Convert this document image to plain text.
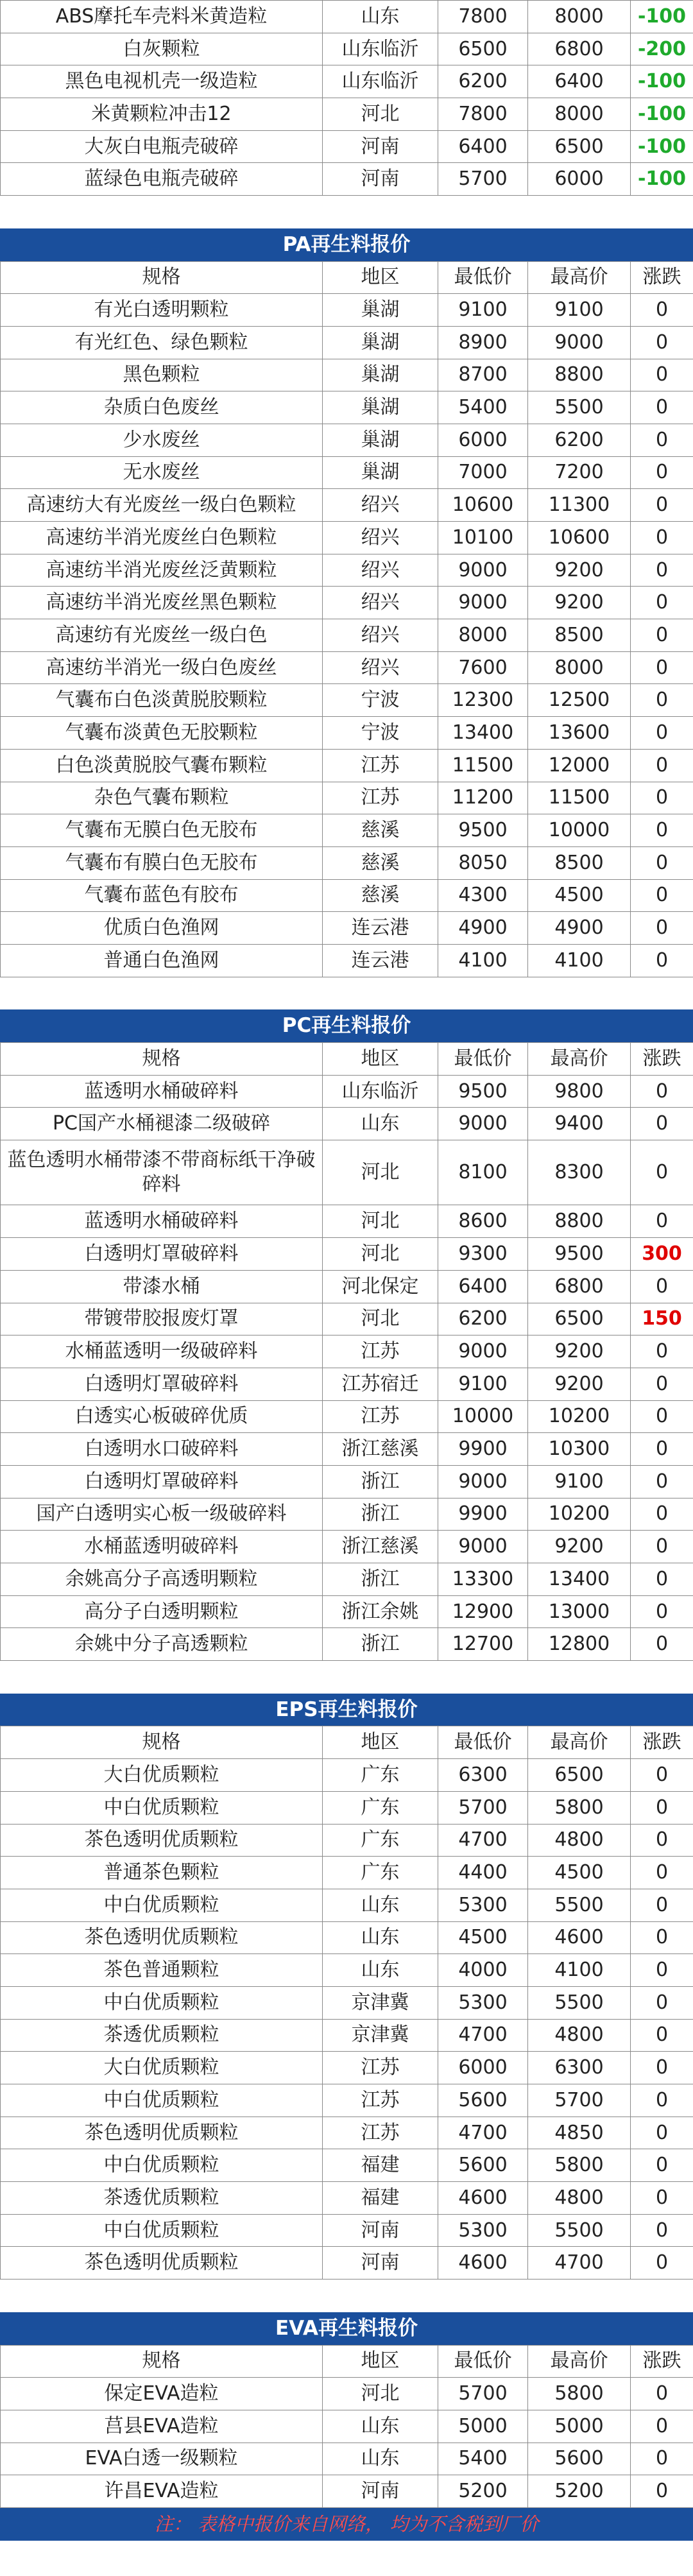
ABS摩托车壳料米黄造粒	山东	7800	8000	-100
白灰颗粒	山东临沂	6500	6800	-200
黑色电视机壳一级造粒	山东临沂	6200	6400	-100
米黄颗粒冲击12	河北	7800	8000	-100
大灰白电瓶壳破碎	河南	6400	6500	-100
蓝绿色电瓶壳破碎	河南	5700	6000	-100
PA再生料报价
规格	地区	最低价	最高价	涨跌
有光白透明颗粒	巢湖	9100	9100	0
有光红色、绿色颗粒	巢湖	8900	9000	0
黑色颗粒	巢湖	8700	8800	0
杂质白色废丝	巢湖	5400	5500	0
少水废丝	巢湖	6000	6200	0
无水废丝	巢湖	7000	7200	0
高速纺大有光废丝一级白色颗粒	绍兴	10600	11300	0
高速纺半消光废丝白色颗粒	绍兴	10100	10600	0
高速纺半消光废丝泛黄颗粒	绍兴	9000	9200	0
高速纺半消光废丝黑色颗粒	绍兴	9000	9200	0
高速纺有光废丝一级白色	绍兴	8000	8500	0
高速纺半消光一级白色废丝	绍兴	7600	8000	0
气囊布白色淡黄脱胶颗粒	宁波	12300	12500	0
气囊布淡黄色无胶颗粒	宁波	13400	13600	0
白色淡黄脱胶气囊布颗粒	江苏	11500	12000	0
杂色气囊布颗粒	江苏	11200	11500	0
气囊布无膜白色无胶布	慈溪	9500	10000	0
气囊布有膜白色无胶布	慈溪	8050	8500	0
气囊布蓝色有胶布	慈溪	4300	4500	0
优质白色渔网	连云港	4900	4900	0
普通白色渔网	连云港	4100	4100	0
PC再生料报价
规格	地区	最低价	最高价	涨跌
蓝透明水桶破碎料	山东临沂	9500	9800	0
PC国产水桶褪漆二级破碎	山东	9000	9400	0
蓝色透明水桶带漆不带商标纸干净破碎料	河北	8100	8300	0
蓝透明水桶破碎料	河北	8600	8800	0
白透明灯罩破碎料	河北	9300	9500	300
带漆水桶	河北保定	6400	6800	0
带镀带胶报废灯罩	河北	6200	6500	150
水桶蓝透明一级破碎料	江苏	9000	9200	0
白透明灯罩破碎料	江苏宿迁	9100	9200	0
白透实心板破碎优质	江苏	10000	10200	0
白透明水口破碎料	浙江慈溪	9900	10300	0
白透明灯罩破碎料	浙江	9000	9100	0
国产白透明实心板一级破碎料	浙江	9900	10200	0
水桶蓝透明破碎料	浙江慈溪	9000	9200	0
余姚高分子高透明颗粒	浙江	13300	13400	0
高分子白透明颗粒	浙江余姚	12900	13000	0
余姚中分子高透颗粒	浙江	12700	12800	0
EPS再生料报价
规格	地区	最低价	最高价	涨跌
大白优质颗粒	广东	6300	6500	0
中白优质颗粒	广东	5700	5800	0
茶色透明优质颗粒	广东	4700	4800	0
普通茶色颗粒	广东	4400	4500	0
中白优质颗粒	山东	5300	5500	0
茶色透明优质颗粒	山东	4500	4600	0
茶色普通颗粒	山东	4000	4100	0
中白优质颗粒	京津冀	5300	5500	0
茶透优质颗粒	京津冀	4700	4800	0
大白优质颗粒	江苏	6000	6300	0
中白优质颗粒	江苏	5600	5700	0
茶色透明优质颗粒	江苏	4700	4850	0
中白优质颗粒	福建	5600	5800	0
茶透优质颗粒	福建	4600	4800	0
中白优质颗粒	河南	5300	5500	0
茶色透明优质颗粒	河南	4600	4700	0
EVA再生料报价
规格	地区	最低价	最高价	涨跌
保定EVA造粒	河北	5700	5800	0
莒县EVA造粒	山东	5000	5000	0
EVA白透一级颗粒	山东	5400	5600	0
许昌EVA造粒	河南	5200	5200	0
注： 表格中报价来自网络， 均为不含税到厂价
